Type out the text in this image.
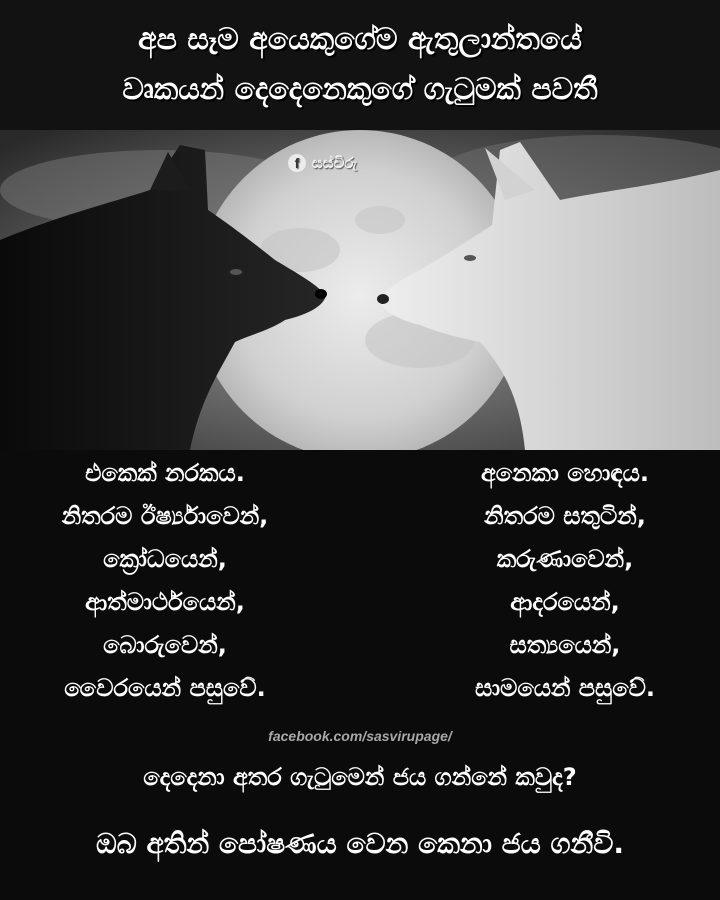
අප සෑම අයෙකුගේම ඇතුලාන්තයේ
වෘකයන් දෙදෙනෙකුගේ ගැටුමක් පවතී
f සස්විරු
එකෙක් නරකය.
නිතරම ඊර්ෂ්‍යාවෙන්,
ක්‍රෝධයෙන්,
ආත්මාර්ථයෙන්,
බොරුවෙන්,
වෛරයෙන් පසුවේ.
අනෙකා හොඳය.
නිතරම සතුටින්,
කරුණාවෙන්,
ආදරයෙන්,
සත්‍යයෙන්,
සාමයෙන් පසුවේ.
facebook.com/sasvirupage/
දෙදෙනා අතර ගැටුමෙන් ජය ගන්නේ කවුද?
ඔබ අතින් පෝෂණය වෙන කෙනා ජය ගනීවි.
